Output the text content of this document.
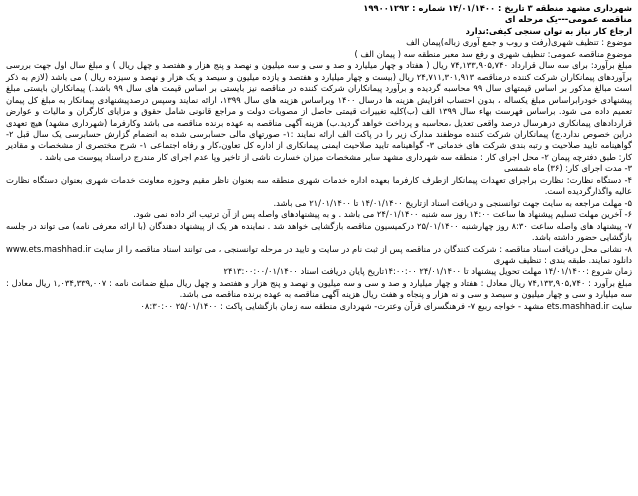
شهرداری مشهد منطقه ۳ تاریخ : ۱۴/۰۱/۱۴۰۰ شماره : ۱۹۹۰۰۱۲۹۲
مناقصه عمومی---یک مرحله ای
ارجاع کار نیاز به توان سنجی کیفی:ندارد
موضوع : تنظیف شهری(رفت و روب و جمع آوری زباله)پیمان الف
موضوع مناقصه عمومی: تنظیف شهری و رفع سد معبر منطقه سه ( پیمان الف )
مبلغ برآورد: برای سه سال قرارداد ۷۴,۱۳۳,۹۰۵,۷۴۰ ریال ( هفتاد و چهار میلیارد و صد و سی و سه میلیون و نهصد و پنج هزار و هفتصد و چهل ریال ) و مبلغ سال اول جهت بررسی برآوردهای پیمانکاران شرکت کننده درمناقصه ۲۴,۷۱۱,۳۰۱,۹۱۳ ریال (بیست و چهار میلیارد و هفتصد و یازده میلیون و سیصد و یک هزار و نهصد و سیزده ریال ) می باشد (لازم به ذکر است مبالغ مذکور بر اساس قیمتهای سال ۹۹ محاسبه گردیده و برآورد پیمانکاران شرکت کننده در مناقصه نیز بایستی بر اساس قیمت های سال ۹۹ باشد.) پیمانکاران بایستی مبلغ پیشنهادی خودرابراساس مبلغ یکساله ، بدون احتساب افزایش هزینه ها درسال ۱۴۰۰ وبراساس هزینه های سال ۱۳۹۹، ارائه نمایند وسپس درصدپیشنهادی پیمانکار به مبلغ کل پیمان تعمیم داده می شود. براساس فهرست بهاء سال ۱۳۹۹ الف (ب)کلیه تغییرات قیمتی حاصل از مصوبات دولت و مراجع قانونی شامل حقوق و مزایای کارگران و مالیات و عوارض قراردادهای پیمانکاری درهرسال درصد واقعی تعدیل ،محاسبه و پرداخت خواهد گردید.ب) هزینه آگهی مناقصه به عهده برنده مناقصه می باشد وکارفرما (شهرداری مشهد) هیچ تعهدی دراین خصوص ندارد.ج) پیمانکاران شرکت کننده موظفند مدارک زیر را در پاکت الف ارائه نمایند :۱- صورتهای مالی حسابرسی شده به انضمام گزارش حسابرسی یک سال قبل ۲- گواهینامه تایید صلاحیت و رتبه بندی شرکت های خدماتی ۳- گواهینامه تایید صلاحیت ایمنی پیمانکاری از اداره کل تعاون،کار و رفاه اجتماعی ۱- شرح مختصری از مشخصات و مقادیر کار: طبق دفترچه پیمان ۲- محل اجرای کار : منطقه سه شهرداری مشهد سایر مشخصات میزان خسارت ناشی از تاخیر وپا عدم اجرای کار مندرج دراسناد پیوست می باشد .
۳- مدت اجرای کار: (۳۶) ماه شمسی
۴- دستگاه نظارت: نظارت براجرای تعهدات پیمانکار ازطرف کارفرما بعهده اداره خدمات شهری منطقه سه بعنوان ناظر مقیم وحوزه معاونت خدمات شهری بعنوان دستگاه نظارت عالیه واگذارگردیده است.
۵- مهلت مراجعه به سایت جهت توانسنجی و دریافت اسناد ازتاریخ ۱۴/۰۱/۱۴۰۰ تا ۲۱/۰۱/۱۴۰۰ می باشد.
۶- آخرین مهلت تسلیم پیشنهاد ها ساعت ۱۴:۰۰ روز سه شنبه ۲۴/۰۱/۱۴۰۰ می باشد . و به پیشنهادهای واصله پس از آن ترتیب اثر داده نمی شود.
۷- پیشنهاد های واصله ساعت ۸:۳۰ روز چهارشنبه ۲۵/۰۱/۱۴۰۰ درکمیسیون مناقصه بازگشایی خواهد شد . نماینده هر یک از پیشنهاد دهندگان (با ارائه معرفی نامه) می تواند در جلسه بازگشایی حضور داشته باشد.
۸- نشانی محل دریافت اسناد مناقصه : شرکت کنندگان در مناقصه پس از ثبت نام در سایت و تایید در مرحله توانسنجی ، می توانند اسناد مناقصه را از سایت www.ets.mashhad.ir دانلود نمایند. طبقه بندی : تنظیف شهری
زمان شروع :۱۴/۰۱/۱۴۰۰ مهلت تحویل پیشنهاد تا ۲۴/۰۱/۱۴۰۰ ۱۴:۰۰:۰۰تاریخ پایان دریافت اسناد ۲۴۱۳:۰۰:۰۰/۰۱/۱۴۰۰
مبلغ برآورد : ۷۴,۱۳۳,۹۰۵,۷۴۰ ریال معادل : هفتاد و چهار میلیارد و صد و سی و سه میلیون و نهصد و پنج هزار و هفتصد و چهل ریال مبلغ ضمانت نامه : ۱,۰۳۴,۳۳۹,۰۰۷ ریال معادل : سه میلیارد و سی و چهار میلیون و سیصد و سی و نه هزار و پنجاه و هفت ریال هزینه آگهی مناقصه به عهده برنده مناقصه می باشد.
سایت ets.mashhad.ir مشهد - خواجه ربیع ۷- فرهنگسرای قرآن وعترت- شهرداری منطقه سه زمان بازگشایی پاکت : ۲۵/۰۱/۱۴۰۰ ۰۸:۳۰:۰۰
